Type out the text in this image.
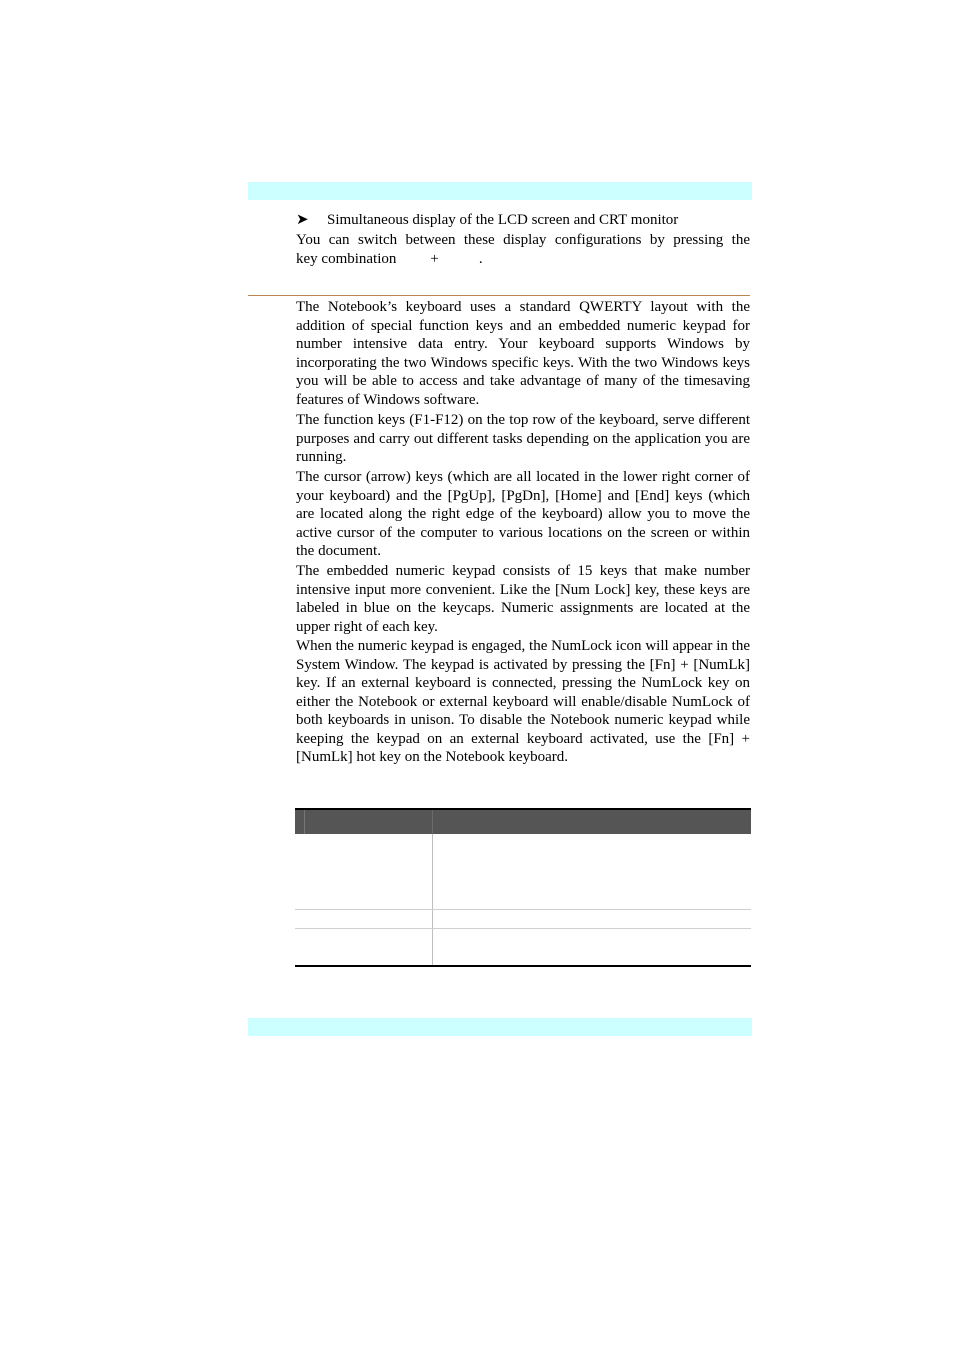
➤ Simultaneous display of the LCD screen and CRT monitor
You can switch between these display configurations by pressing the
key combination +	.
The Notebook’s keyboard uses a standard QWERTY layout with the addition of special function keys and an embedded numeric keypad for number intensive data entry. Your keyboard supports Windows by incorporating the two Windows specific keys. With the two Windows keys you will be able to access and take advantage of many of the timesaving features of Windows software.
The function keys (F1-F12) on the top row of the keyboard, serve different purposes and carry out different tasks depending on the application you are running.
The cursor (arrow) keys (which are all located in the lower right corner of your keyboard) and the [PgUp], [PgDn], [Home] and [End] keys (which are located along the right edge of the keyboard) allow you to move the active cursor of the computer to various locations on the screen or within the document.
The embedded numeric keypad consists of 15 keys that make number intensive input more convenient. Like the [Num Lock] key, these keys are labeled in blue on the keycaps. Numeric assignments are located at the upper right of each key.
When the numeric keypad is engaged, the NumLock icon will appear in the System Window. The keypad is activated by pressing the [Fn] + [NumLk] key. If an external keyboard is connected, pressing the NumLock key on either the Notebook or external keyboard will enable/disable NumLock of both keyboards in unison. To disable the Notebook numeric keypad while keeping the keypad on an external keyboard activated, use the [Fn] + [NumLk] hot key on the Notebook keyboard.
